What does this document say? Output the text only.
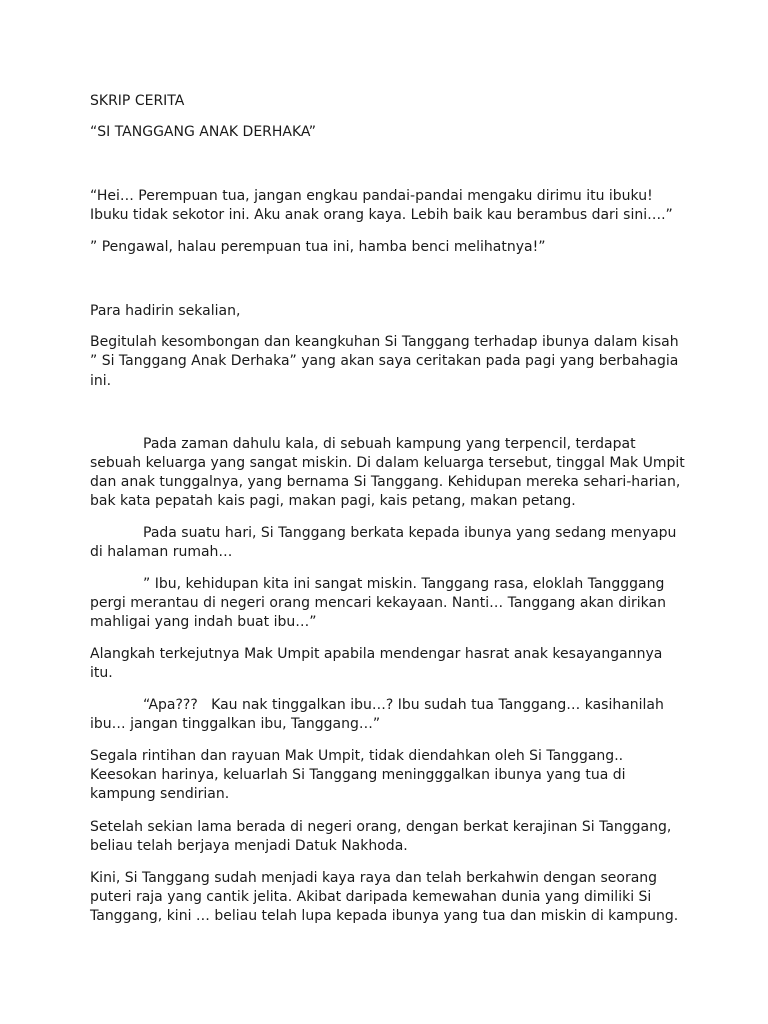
SKRIP CERITA
“SI TANGGANG ANAK DERHAKA”
“Hei… Perempuan tua, jangan engkau pandai-pandai mengaku dirimu itu ibuku!
Ibuku tidak sekotor ini. Aku anak orang kaya. Lebih baik kau berambus dari sini….”
” Pengawal, halau perempuan tua ini, hamba benci melihatnya!”
Para hadirin sekalian,
Begitulah kesombongan dan keangkuhan Si Tanggang terhadap ibunya dalam kisah
” Si Tanggang Anak Derhaka” yang akan saya ceritakan pada pagi yang berbahagia
ini.
Pada zaman dahulu kala, di sebuah kampung yang terpencil, terdapat
sebuah keluarga yang sangat miskin. Di dalam keluarga tersebut, tinggal Mak Umpit
dan anak tunggalnya, yang bernama Si Tanggang. Kehidupan mereka sehari-harian,
bak kata pepatah kais pagi, makan pagi, kais petang, makan petang.
Pada suatu hari, Si Tanggang berkata kepada ibunya yang sedang menyapu
di halaman rumah…
” Ibu, kehidupan kita ini sangat miskin. Tanggang rasa, eloklah Tangggang
pergi merantau di negeri orang mencari kekayaan. Nanti… Tanggang akan dirikan
mahligai yang indah buat ibu…”
Alangkah terkejutnya Mak Umpit apabila mendengar hasrat anak kesayangannya
itu.
“Apa???   Kau nak tinggalkan ibu…? Ibu sudah tua Tanggang… kasihanilah
ibu… jangan tinggalkan ibu, Tanggang…”
Segala rintihan dan rayuan Mak Umpit, tidak diendahkan oleh Si Tanggang..
Keesokan harinya, keluarlah Si Tanggang meningggalkan ibunya yang tua di
kampung sendirian.
Setelah sekian lama berada di negeri orang, dengan berkat kerajinan Si Tanggang,
beliau telah berjaya menjadi Datuk Nakhoda.
Kini, Si Tanggang sudah menjadi kaya raya dan telah berkahwin dengan seorang
puteri raja yang cantik jelita. Akibat daripada kemewahan dunia yang dimiliki Si
Tanggang, kini … beliau telah lupa kepada ibunya yang tua dan miskin di kampung.
